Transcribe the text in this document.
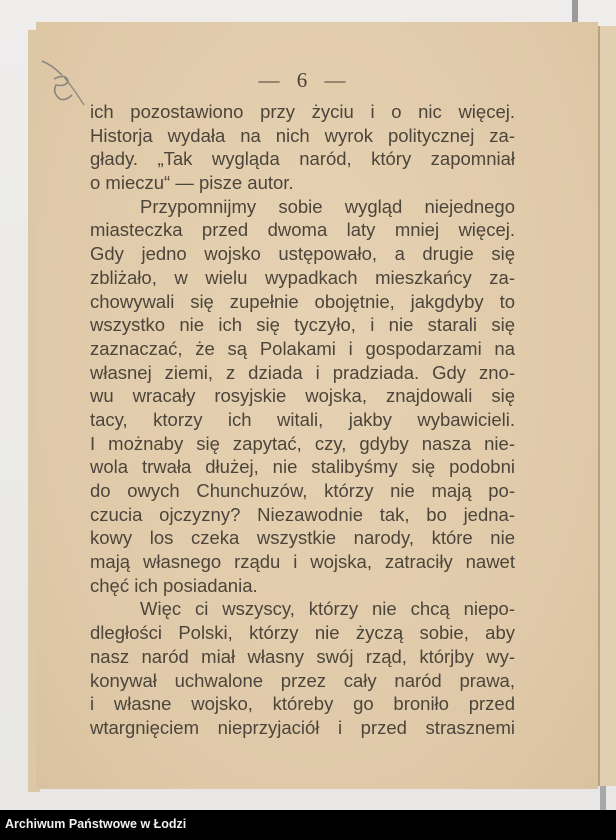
— 6 —
ich pozostawiono przy życiu i o nic więcej.
Historja wydała na nich wyrok politycznej za-
głady. „Tak wygląda naród, który zapomniał
o mieczu“ — pisze autor.
Przypomnijmy sobie wygląd niejednego
miasteczka przed dwoma laty mniej więcej.
Gdy jedno wojsko ustępowało, a drugie się
zbliżało, w wielu wypadkach mieszkańcy za-
chowywali się zupełnie obojętnie, jakgdyby to
wszystko nie ich się tyczyło, i nie starali się
zaznaczać, że są Polakami i gospodarzami na
własnej ziemi, z dziada i pradziada. Gdy zno-
wu wracały rosyjskie wojska, znajdowali się
tacy, ktorzy ich witali, jakby wybawicieli.
I możnaby się zapytać, czy, gdyby nasza nie-
wola trwała dłużej, nie stalibyśmy się podobni
do owych Chunchuzów, którzy nie mają po-
czucia ojczyzny? Niezawodnie tak, bo jedna-
kowy los czeka wszystkie narody, które nie
mają własnego rządu i wojska, zatraciły nawet
chęć ich posiadania.
Więc ci wszyscy, którzy nie chcą niepo-
dległości Polski, którzy nie życzą sobie, aby
nasz naród miał własny swój rząd, którjby wy-
konywał uchwalone przez cały naród prawa,
i własne wojsko, któreby go broniło przed
wtargnięciem nieprzyjaciół i przed strasznemi
Archiwum Państwowe w Łodzi
